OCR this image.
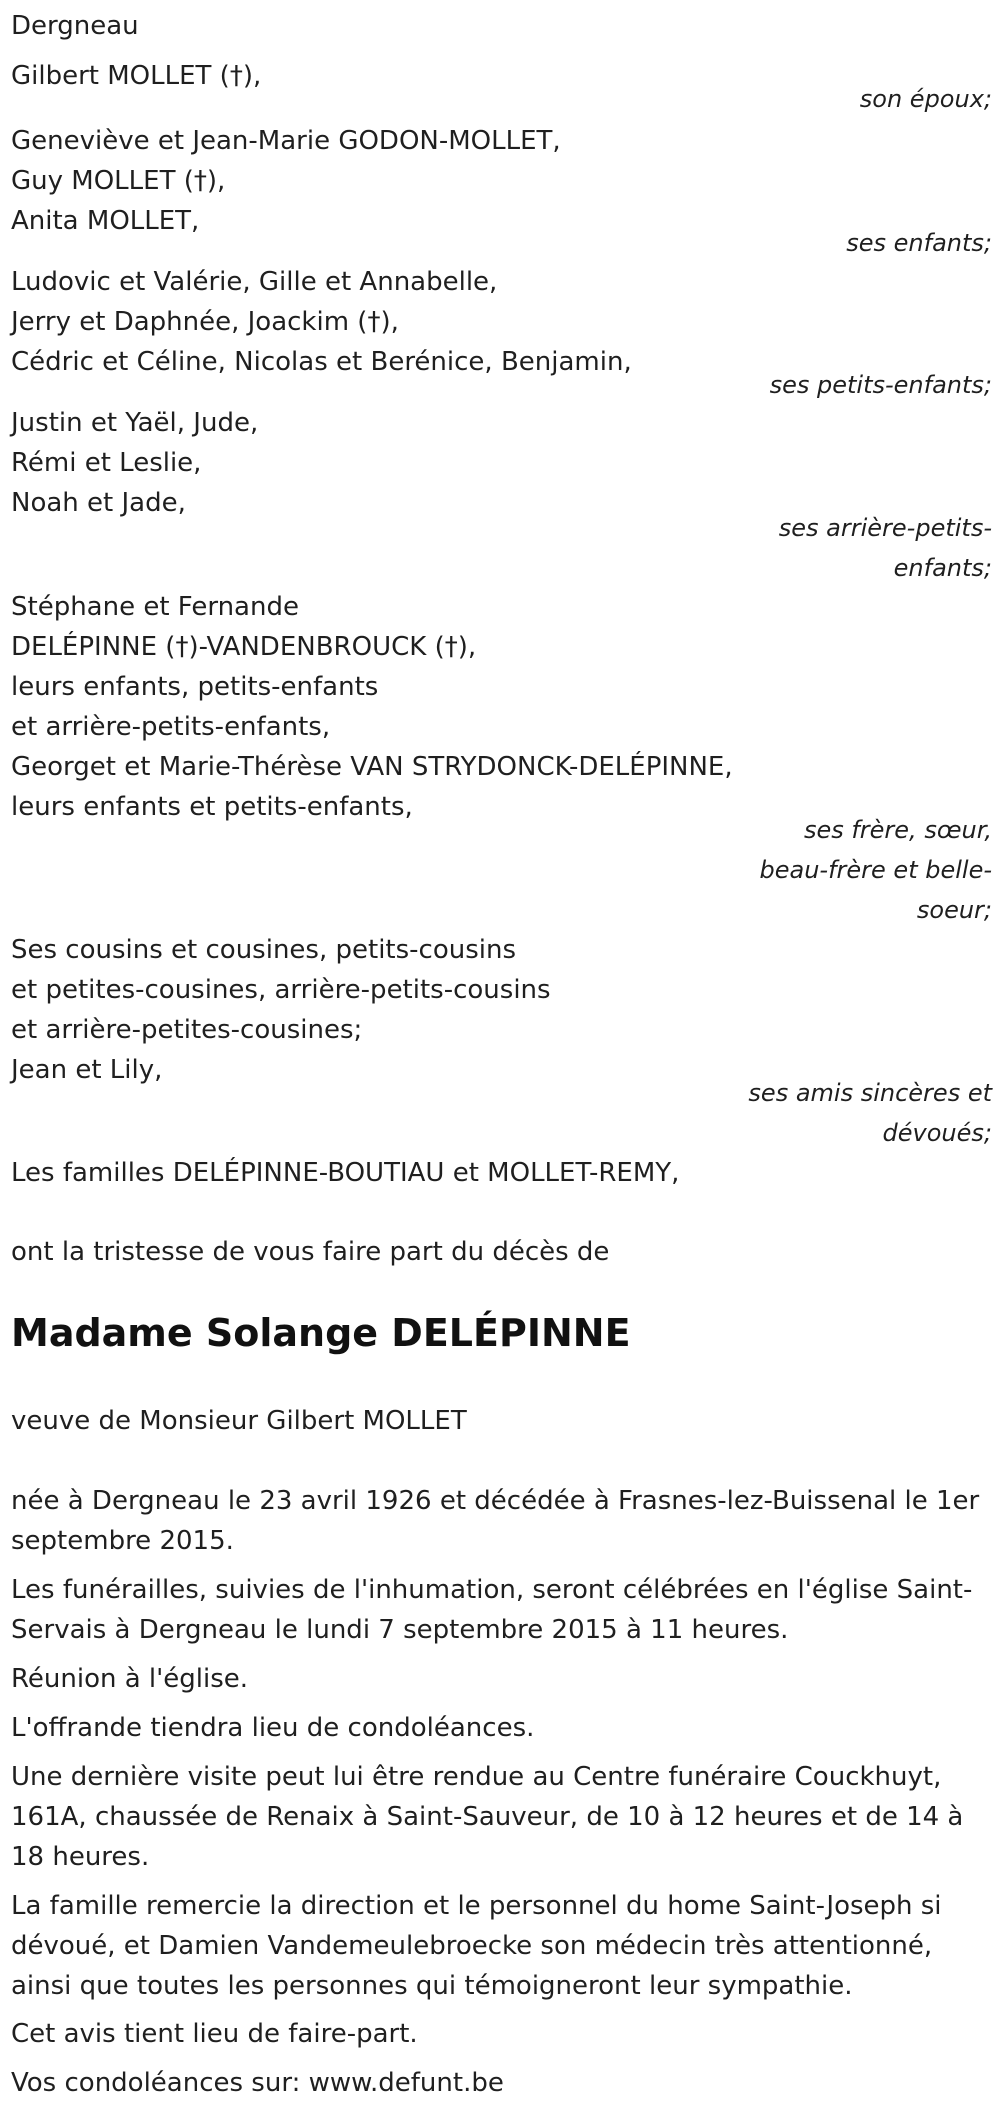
Dergneau

Gilbert MOLLET (†),

son époux;

Geneviève et Jean-Marie GODON-MOLLET,

Guy MOLLET (†),

Anita MOLLET,

ses enfants;

Ludovic et Valérie, Gille et Annabelle,

Jerry et Daphnée, Joackim (†),

Cédric et Céline, Nicolas et Berénice, Benjamin,

ses petits-enfants;

Justin et Yaël, Jude,

Rémi et Leslie,

Noah et Jade,

ses arrière-petits-

enfants;

Stéphane et Fernande

DELÉPINNE (†)-VANDENBROUCK (†),

leurs enfants, petits-enfants

et arrière-petits-enfants,

Georget et Marie-Thérèse VAN STRYDONCK-DELÉPINNE,

leurs enfants et petits-enfants,

ses frère, sœur,

beau-frère et belle-

soeur;

Ses cousins et cousines, petits-cousins

et petites-cousines, arrière-petits-cousins

et arrière-petites-cousines;

Jean et Lily,

ses amis sincères et

dévoués;

Les familles DELÉPINNE-BOUTIAU et MOLLET-REMY,

ont la tristesse de vous faire part du décès de

Madame Solange DELÉPINNE

veuve de Monsieur Gilbert MOLLET

née à Dergneau le 23 avril 1926 et décédée à Frasnes-lez-Buissenal le 1er septembre 2015.

Les funérailles, suivies de l'inhumation, seront célébrées en l'église Saint-Servais à Dergneau le lundi 7 septembre 2015 à 11 heures.

Réunion à l'église.

L'offrande tiendra lieu de condoléances.

Une dernière visite peut lui être rendue au Centre funéraire Couckhuyt, 161A, chaussée de Renaix à Saint-Sauveur, de 10 à 12 heures et de 14 à 18 heures.

La famille remercie la direction et le personnel du home Saint-Joseph si dévoué, et Damien Vandemeulebroecke son médecin très attentionné, ainsi que toutes les personnes qui témoigneront leur sympathie.

Cet avis tient lieu de faire-part.

Vos condoléances sur: www.defunt.be
